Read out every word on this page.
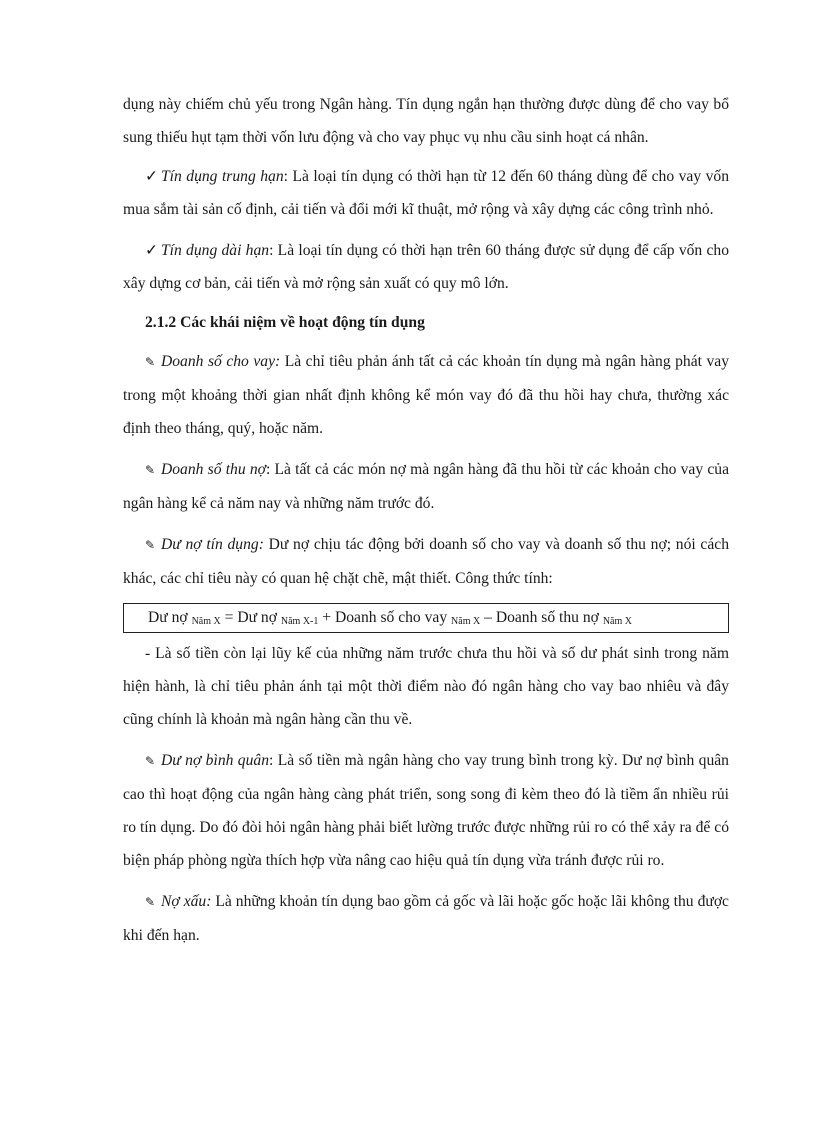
dụng này chiếm chủ yếu trong Ngân hàng. Tín dụng ngắn hạn thường được dùng để cho vay bổ sung thiếu hụt tạm thời vốn lưu động và cho vay phục vụ nhu cầu sinh hoạt cá nhân.

✓ Tín dụng trung hạn: Là loại tín dụng có thời hạn từ 12 đến 60 tháng dùng để cho vay vốn mua sắm tài sản cố định, cải tiến và đổi mới kĩ thuật, mở rộng và xây dựng các công trình nhỏ.

✓ Tín dụng dài hạn: Là loại tín dụng có thời hạn trên 60 tháng được sử dụng để cấp vốn cho xây dựng cơ bản, cải tiến và mở rộng sản xuất có quy mô lớn.

2.1.2 Các khái niệm về hoạt động tín dụng

✎ Doanh số cho vay: Là chỉ tiêu phản ánh tất cả các khoản tín dụng mà ngân hàng phát vay trong một khoảng thời gian nhất định không kể món vay đó đã thu hồi hay chưa, thường xác định theo tháng, quý, hoặc năm.

✎ Doanh số thu nợ: Là tất cả các món nợ mà ngân hàng đã thu hồi từ các khoản cho vay của ngân hàng kể cả năm nay và những năm trước đó.

✎ Dư nợ tín dụng: Dư nợ chịu tác động bởi doanh số cho vay và doanh số thu nợ; nói cách khác, các chỉ tiêu này có quan hệ chặt chẽ, mật thiết. Công thức tính:

Dư nợ $_{Năm X}$ = Dư nợ $_{Năm X-1}$ + Doanh số cho vay $_{Năm X}$ – Doanh số thu nợ $_{Năm X}$

- Là số tiền còn lại lũy kế của những năm trước chưa thu hồi và số dư phát sinh trong năm hiện hành, là chỉ tiêu phản ánh tại một thời điểm nào đó ngân hàng cho vay bao nhiêu và đây cũng chính là khoản mà ngân hàng cần thu về.

✎ Dư nợ bình quân: Là số tiền mà ngân hàng cho vay trung bình trong kỳ. Dư nợ bình quân cao thì hoạt động của ngân hàng càng phát triển, song song đi kèm theo đó là tiềm ẩn nhiều rủi ro tín dụng. Do đó đòi hỏi ngân hàng phải biết lường trước được những rủi ro có thể xảy ra để có biện pháp phòng ngừa thích hợp vừa nâng cao hiệu quả tín dụng vừa tránh được rủi ro.

✎ Nợ xấu: Là những khoản tín dụng bao gồm cả gốc và lãi hoặc gốc hoặc lãi không thu được khi đến hạn.
